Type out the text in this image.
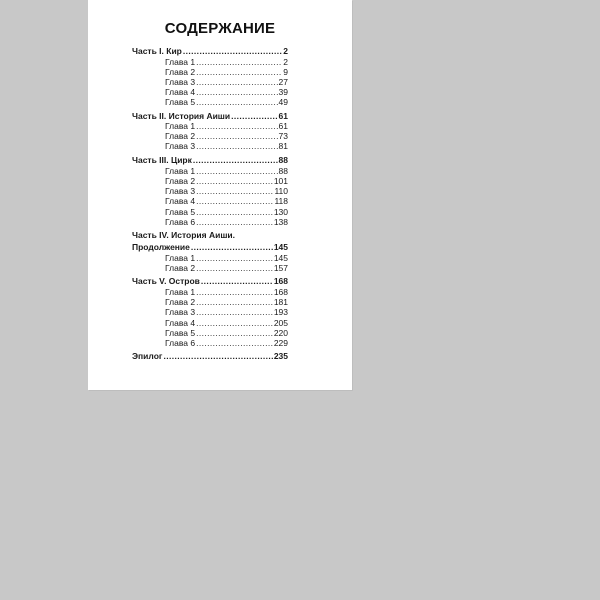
СОДЕРЖАНИЕ
Часть I. Кир .....	2
Глава 1 .....	2
Глава 2 .....	9
Глава 3 .....	27
Глава 4 .....	39
Глава 5 .....	49
Часть II. История Аиши .....	61
Глава 1 .....	61
Глава 2 .....	73
Глава 3 .....	81
Часть III. Цирк .....	88
Глава 1 .....	88
Глава 2 .....	101
Глава 3 .....	110
Глава 4 .....	118
Глава 5 .....	130
Глава 6 .....	138
Часть IV. История Аиши.
Продолжение .....	145
Глава 1 .....	145
Глава 2 .....	157
Часть V. Остров .....	168
Глава 1 .....	168
Глава 2 .....	181
Глава 3 .....	193
Глава 4 .....	205
Глава 5 .....	220
Глава 6 .....	229
Эпилог .....	235
